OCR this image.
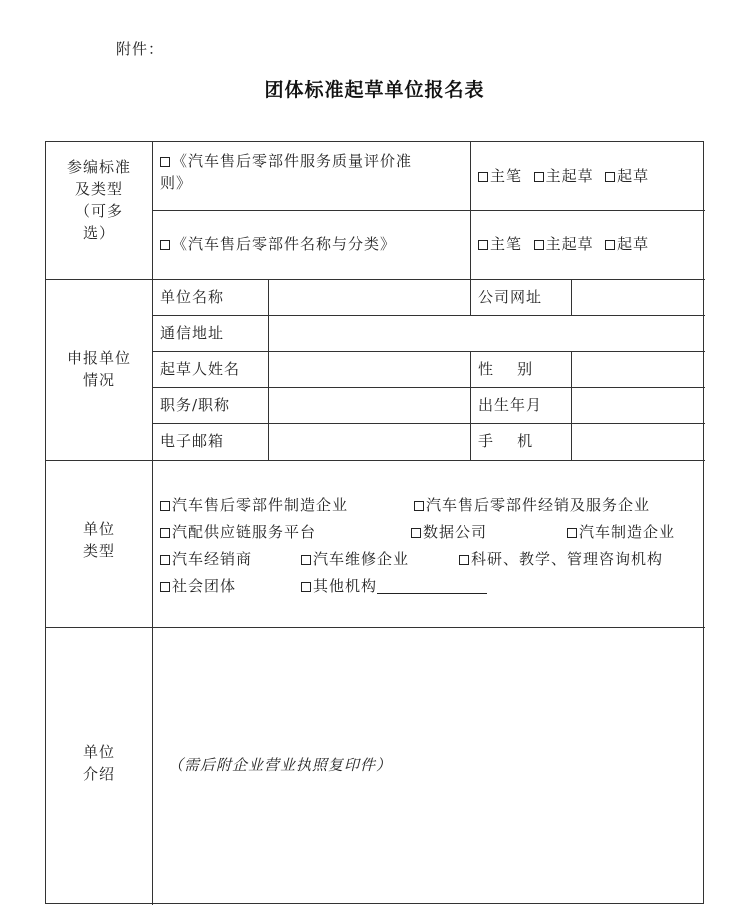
附件：
团体标准起草单位报名表
参编标准
及类型
（可多
选）
《汽车售后零部件服务质量评价准
则》	主笔 主起草 起草
《汽车售后零部件名称与分类》	主笔 主起草 起草
申报单位
情况
单位名称	公司网址
通信地址
起草人姓名	性    别
职务/职称	出生年月
电子邮箱	手    机
单位
类型
汽车售后零部件制造企业	汽车售后零部件经销及服务企业
汽配供应链服务平台	数据公司	汽车制造企业
汽车经销商	汽车维修企业	科研、教学、管理咨询机构
社会团体	其他机构
单位
介绍	（需后附企业营业执照复印件）
